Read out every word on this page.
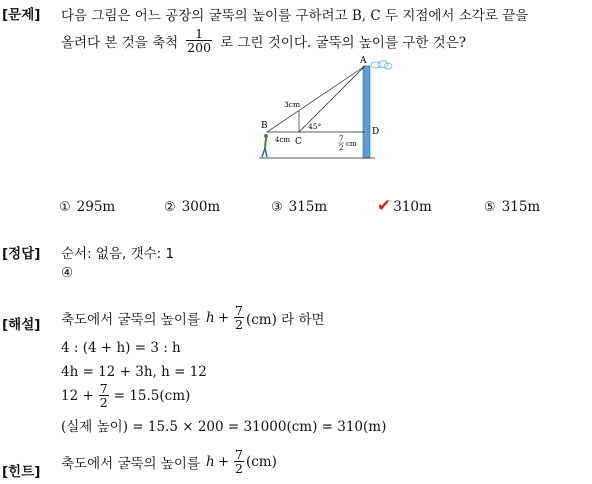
[문제] 다음 그림은 어느 공장의 굴뚝의 높이를 구하려고 B, C 두 지점에서 소각로 끝을
올려다 본 것을 축척 $\frac{1}{200}$ 로 그린 것이다. 굴뚝의 높이를 구한 것은?
A
B
C
D
3cm
4cm
45°
7
2 cm
① 295m	② 300m	③ 315m	✔ 310m	⑤ 315m
[정답] 순서: 없음, 갯수: 1
④
[해설] 축도에서 굴뚝의 높이를 $h + \frac{7}{2} (cm)$ 라 하면
4 : (4 + h) = 3 : h
4h = 12 + 3h, h = 12
$12 + \frac{7}{2} = 15.5(cm)$
(실제 높이) = 15.5 × 200 = 31000(cm) = 310(m)
[힌트]
축도에서 굴뚝의 높이를 $h + \frac{7}{2} (cm)$
